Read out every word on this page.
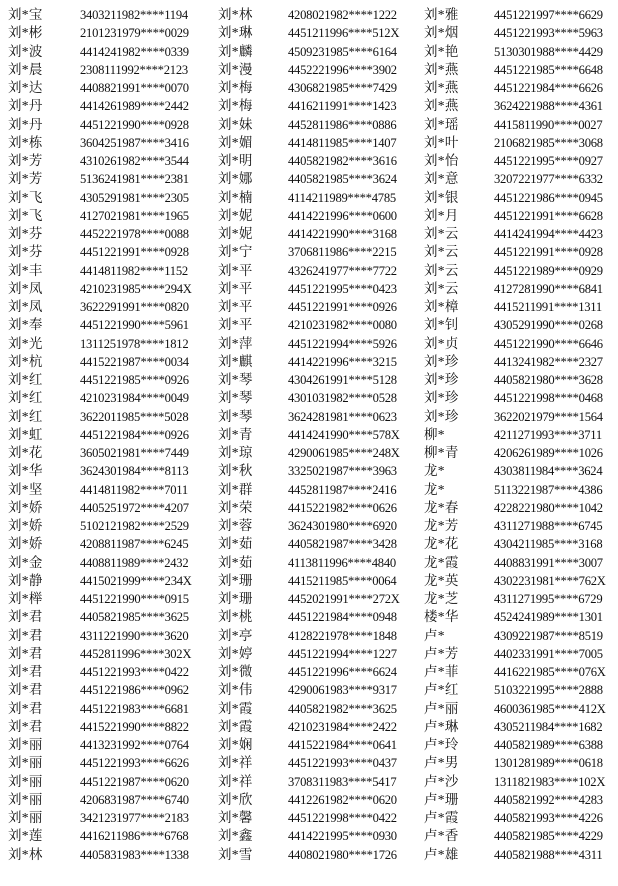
刘*宝	3403211982****1194
刘*彬	2101231979****0029
刘*波	4414241982****0339
刘*晨	2308111992****2123
刘*达	4408821991****0070
刘*丹	4414261989****2442
刘*丹	4451221990****0928
刘*栋	3604251987****3416
刘*芳	4310261982****3544
刘*芳	5136241981****2381
刘*飞	4305291981****2305
刘*飞	4127021981****1965
刘*芬	4452221978****0088
刘*芬	4451221991****0928
刘*丰	4414811982****1152
刘*凤	4210231985****294X
刘*凤	3622291991****0820
刘*奉	4451221990****5961
刘*光	1311251978****1812
刘*杭	4415221987****0034
刘*红	4451221985****0926
刘*红	4210231984****0049
刘*红	3622011985****5028
刘*虹	4451221984****0926
刘*花	3605021981****7449
刘*华	3624301984****8113
刘*坚	4414811982****7011
刘*娇	4405251972****4207
刘*娇	5102121982****2529
刘*娇	4208811987****6245
刘*金	4408811989****2432
刘*静	4415021999****234X
刘*榉	4451221990****0915
刘*君	4405821985****3625
刘*君	4311221990****3620
刘*君	4452811996****302X
刘*君	4451221993****0422
刘*君	4451221986****0962
刘*君	4451221983****6681
刘*君	4415221990****8822
刘*丽	4413231992****0764
刘*丽	4451221993****6626
刘*丽	4451221987****0620
刘*丽	4206831987****6740
刘*丽	3421231977****2183
刘*莲	4416211986****6768
刘*林	4405831983****1338
刘*林	4208021982****1222
刘*琳	4451211996****512X
刘*麟	4509231985****6164
刘*漫	4452221996****3902
刘*梅	4306821985****7429
刘*梅	4416211991****1423
刘*妹	4452811986****0886
刘*媚	4414811985****1407
刘*明	4405821982****3616
刘*娜	4405821985****3624
刘*楠	4114211989****4785
刘*妮	4414221996****0600
刘*妮	4414221990****3168
刘*宁	3706811986****2215
刘*平	4326241977****7722
刘*平	4451221995****0423
刘*平	4451221991****0926
刘*平	4210231982****0080
刘*萍	4451221994****5926
刘*麒	4414221996****3215
刘*琴	4304261991****5128
刘*琴	4301031982****0528
刘*琴	3624281981****0623
刘*青	4414241990****578X
刘*琼	4290061985****248X
刘*秋	3325021987****3963
刘*群	4452811987****2416
刘*荣	4415221982****0626
刘*蓉	3624301980****6920
刘*茹	4405821987****3428
刘*茹	4113811996****4840
刘*珊	4415211985****0064
刘*珊	4452021991****272X
刘*桃	4451221984****0948
刘*亭	4128221978****1848
刘*婷	4451221994****1227
刘*微	4451221996****6624
刘*伟	4290061983****9317
刘*霞	4405821982****3625
刘*霞	4210231984****2422
刘*娴	4415221984****0641
刘*祥	4451221993****0437
刘*祥	3708311983****5417
刘*欣	4412261982****0620
刘*馨	4451221998****0422
刘*鑫	4414221995****0930
刘*雪	4408021980****1726
刘*雅	4451221997****6629
刘*烟	4451221993****5963
刘*艳	5130301988****4429
刘*燕	4451221985****6648
刘*燕	4451221984****6626
刘*燕	3624221988****4361
刘*瑶	4415811990****0027
刘*叶	2106821985****3068
刘*怡	4451221995****0927
刘*意	3207221977****6332
刘*银	4451221986****0945
刘*月	4451221991****6628
刘*云	4414241994****4423
刘*云	4451221991****0928
刘*云	4451221989****0929
刘*云	4127281990****6841
刘*樟	4415211991****1311
刘*钊	4305291990****0268
刘*贞	4451221990****6646
刘*珍	4413241982****2327
刘*珍	4405821980****3628
刘*珍	4451221998****0468
刘*珍	3622021979****1564
柳*	4211271993****3711
柳*青	4206261989****1026
龙*	4303811984****3624
龙*	5113221987****4386
龙*春	4228221980****1042
龙*芳	4311271988****6745
龙*花	4304211985****3168
龙*霞	4408831991****3007
龙*英	4302231981****762X
龙*芝	4311271995****6729
楼*华	4524241989****1301
卢*	4309221987****8519
卢*芳	4402331991****7005
卢*菲	4416221985****076X
卢*红	5103221995****2888
卢*丽	4600361985****412X
卢*琳	4305211984****1682
卢*玲	4405821989****6388
卢*男	1301281989****0618
卢*沙	1311821983****102X
卢*珊	4405821992****4283
卢*霞	4405821993****4226
卢*香	4405821985****4229
卢*雄	4405821988****4311
